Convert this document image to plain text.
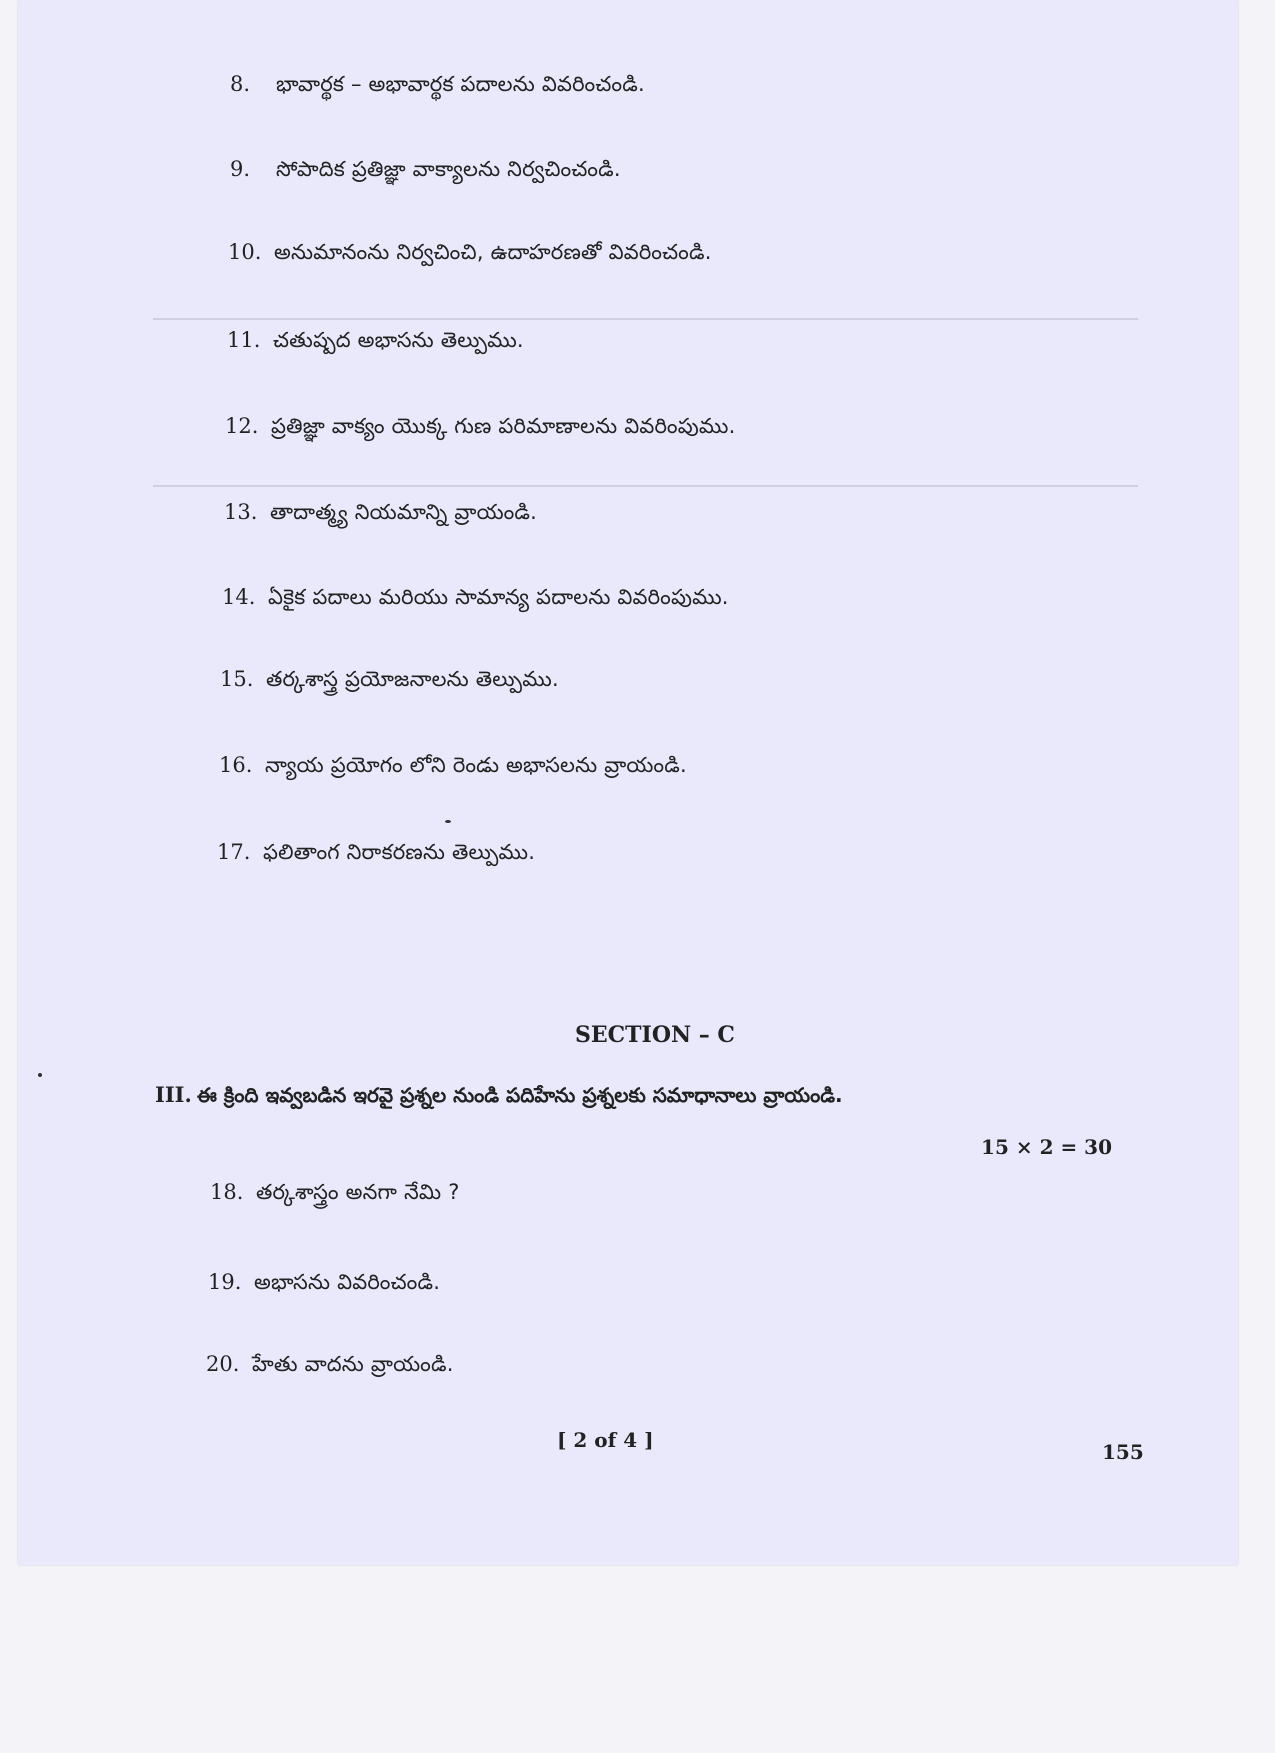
8.	భావార్థక – అభావార్థక పదాలను వివరించండి.
9.	సోపాదిక ప్రతిజ్ఞా వాక్యాలను నిర్వచించండి.
10. అనుమానంను నిర్వచించి, ఉదాహరణతో వివరించండి.
11. చతుష్పద అభాసను తెల్పుము.
12. ప్రతిజ్ఞా వాక్యం యొక్క గుణ పరిమాణాలను వివరింపుము.
13. తాదాత్మ్య నియమాన్ని వ్రాయండి.
14. ఏకైక పదాలు మరియు సామాన్య పదాలను వివరింపుము.
15. తర్కశాస్త్ర ప్రయోజనాలను తెల్పుము.
16. న్యాయ ప్రయోగం లోని రెండు అభాసలను వ్రాయండి.
17. ఫలితాంగ నిరాకరణను తెల్పుము.
SECTION – C
III. ఈ క్రింది ఇవ్వబడిన ఇరవై ప్రశ్నల నుండి పదిహేను ప్రశ్నలకు సమాధానాలు వ్రాయండి.
15 × 2 = 30
18. తర్కశాస్త్రం అనగా నేమి ?
19. అభాసను వివరించండి.
20. హేతు వాదను వ్రాయండి.
[ 2 of 4 ]	155
